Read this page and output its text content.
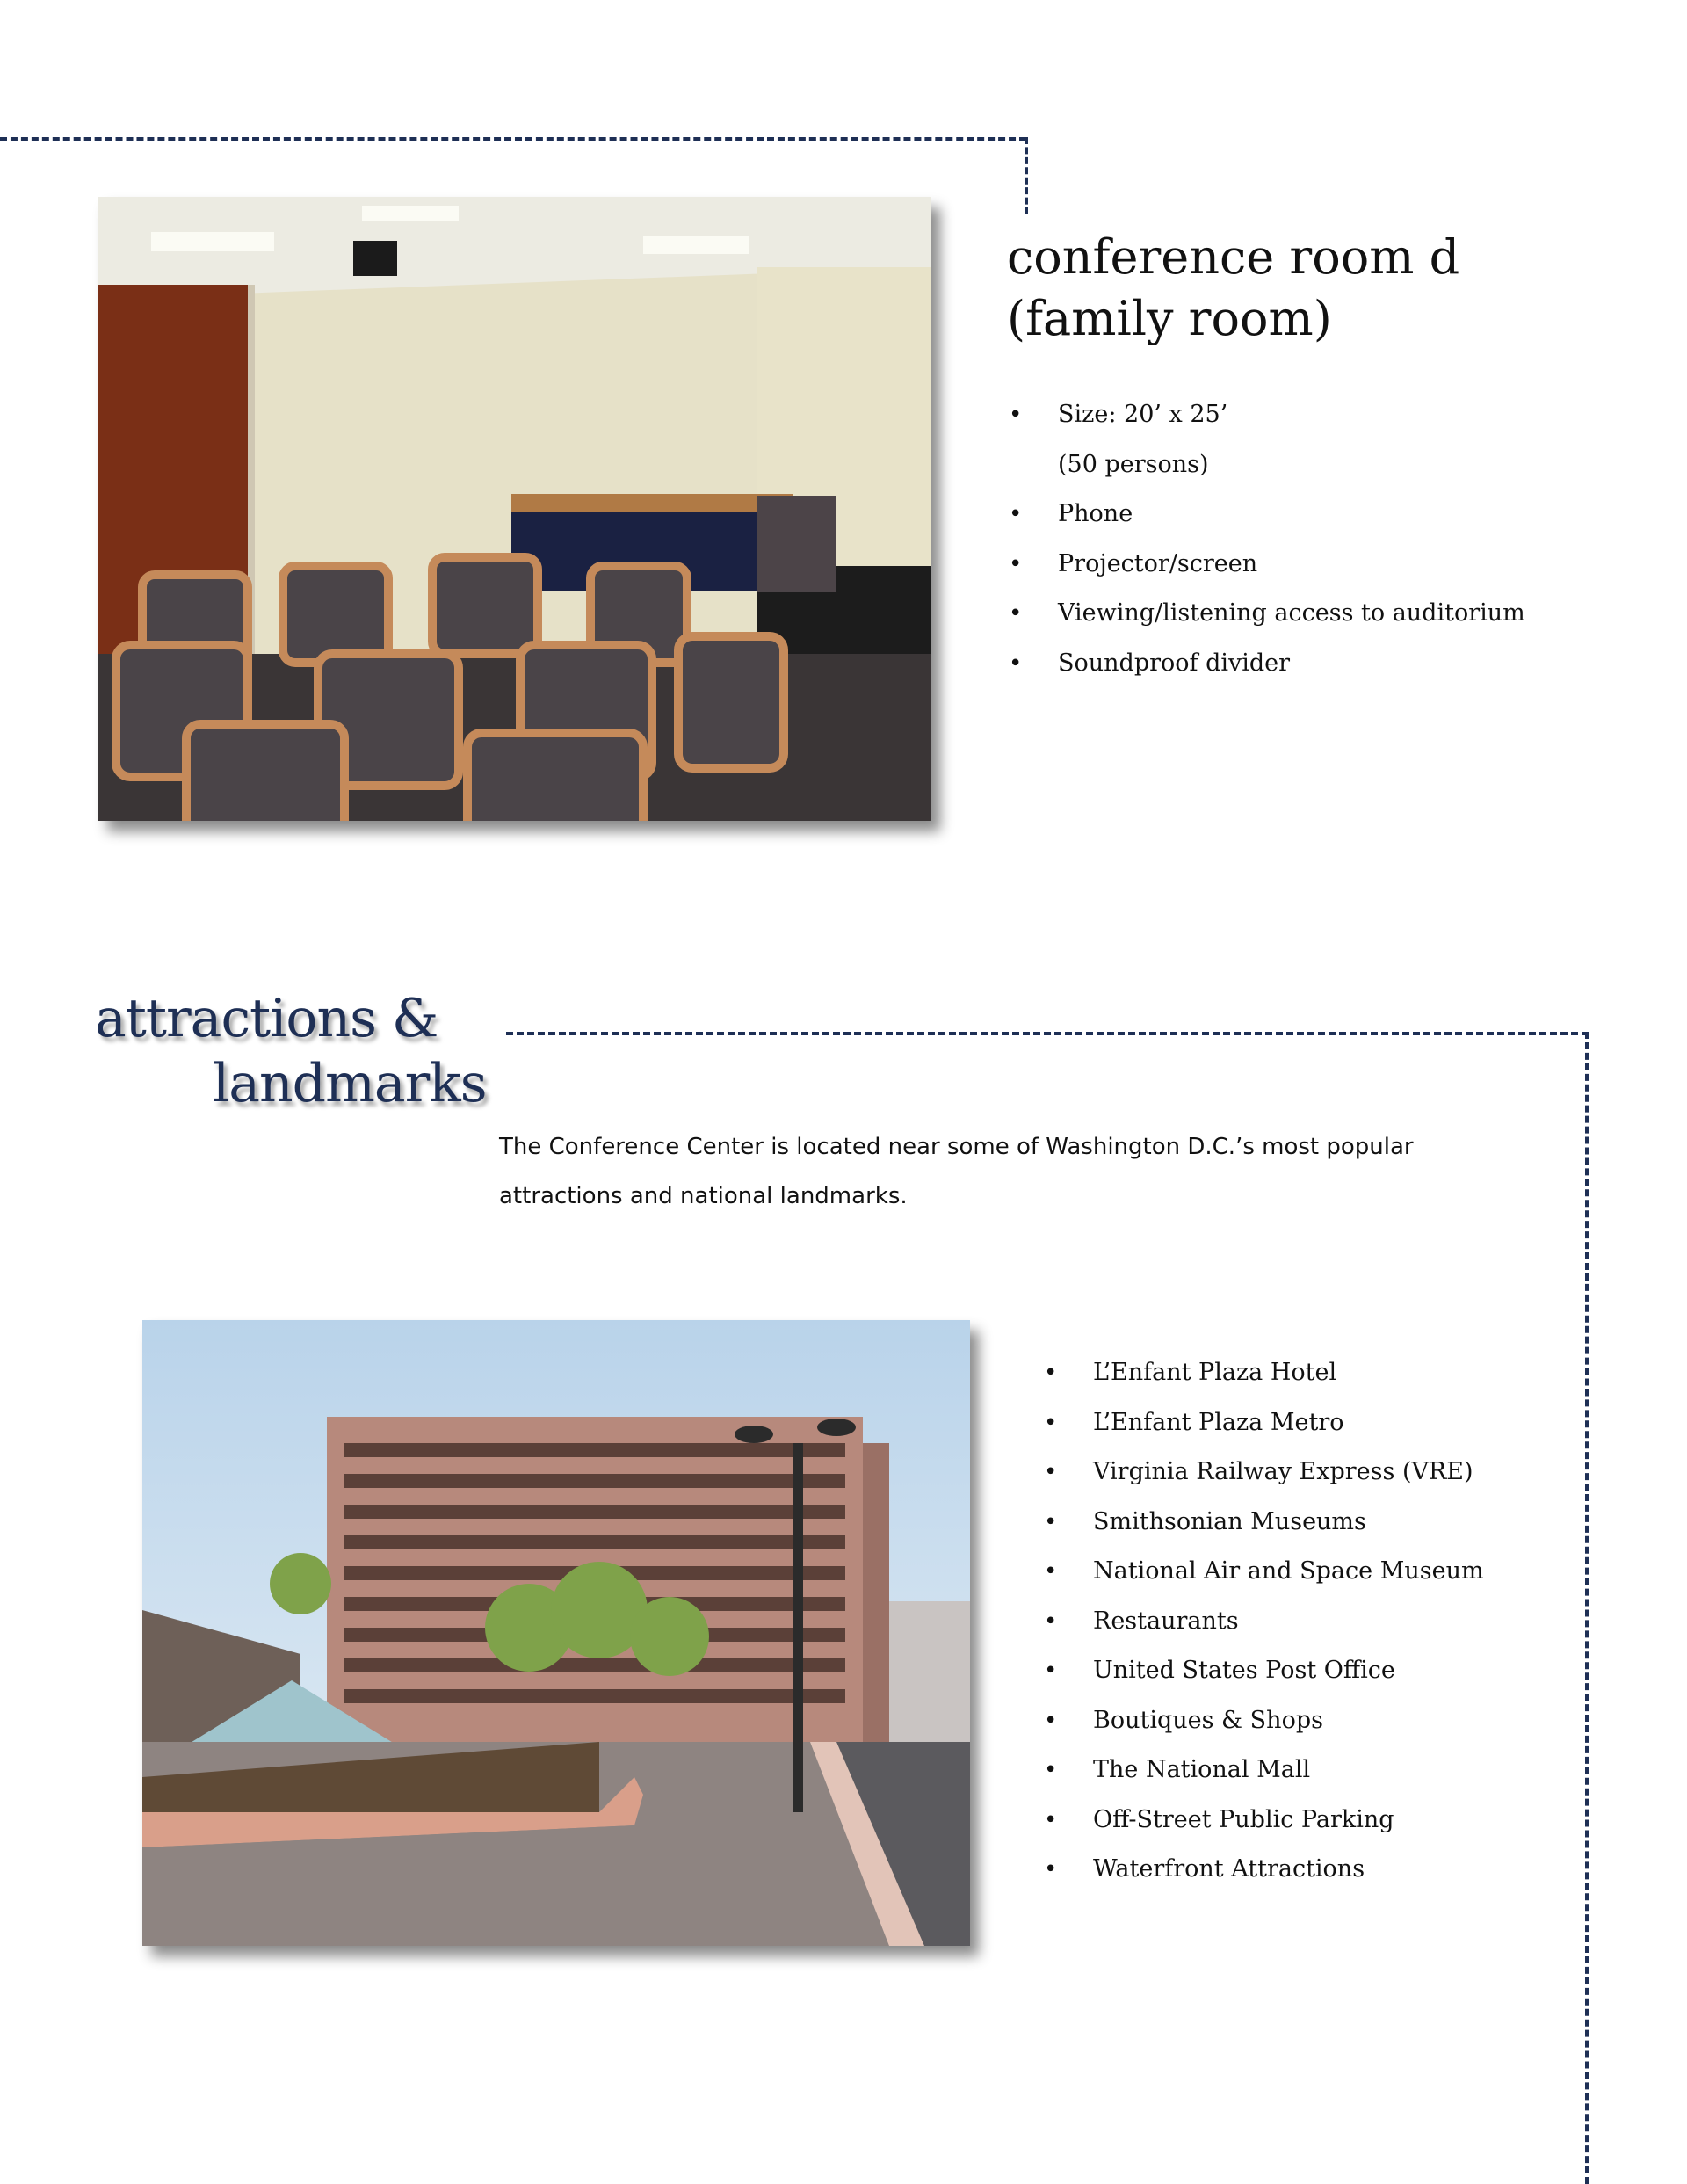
conference room d
(family room)
• Size: 20’ x 25’
(50 persons)
• Phone
• Projector/screen
• Viewing/listening access to auditorium
• Soundproof divider
attractions &
landmarks
The Conference Center is located near some of Washington D.C.’s most popular
attractions and national landmarks.
• L’Enfant Plaza Hotel
• L’Enfant Plaza Metro
• Virginia Railway Express (VRE)
• Smithsonian Museums
• National Air and Space Museum
• Restaurants
• United States Post Office
• Boutiques & Shops
• The National Mall
• Off-Street Public Parking
• Waterfront Attractions
